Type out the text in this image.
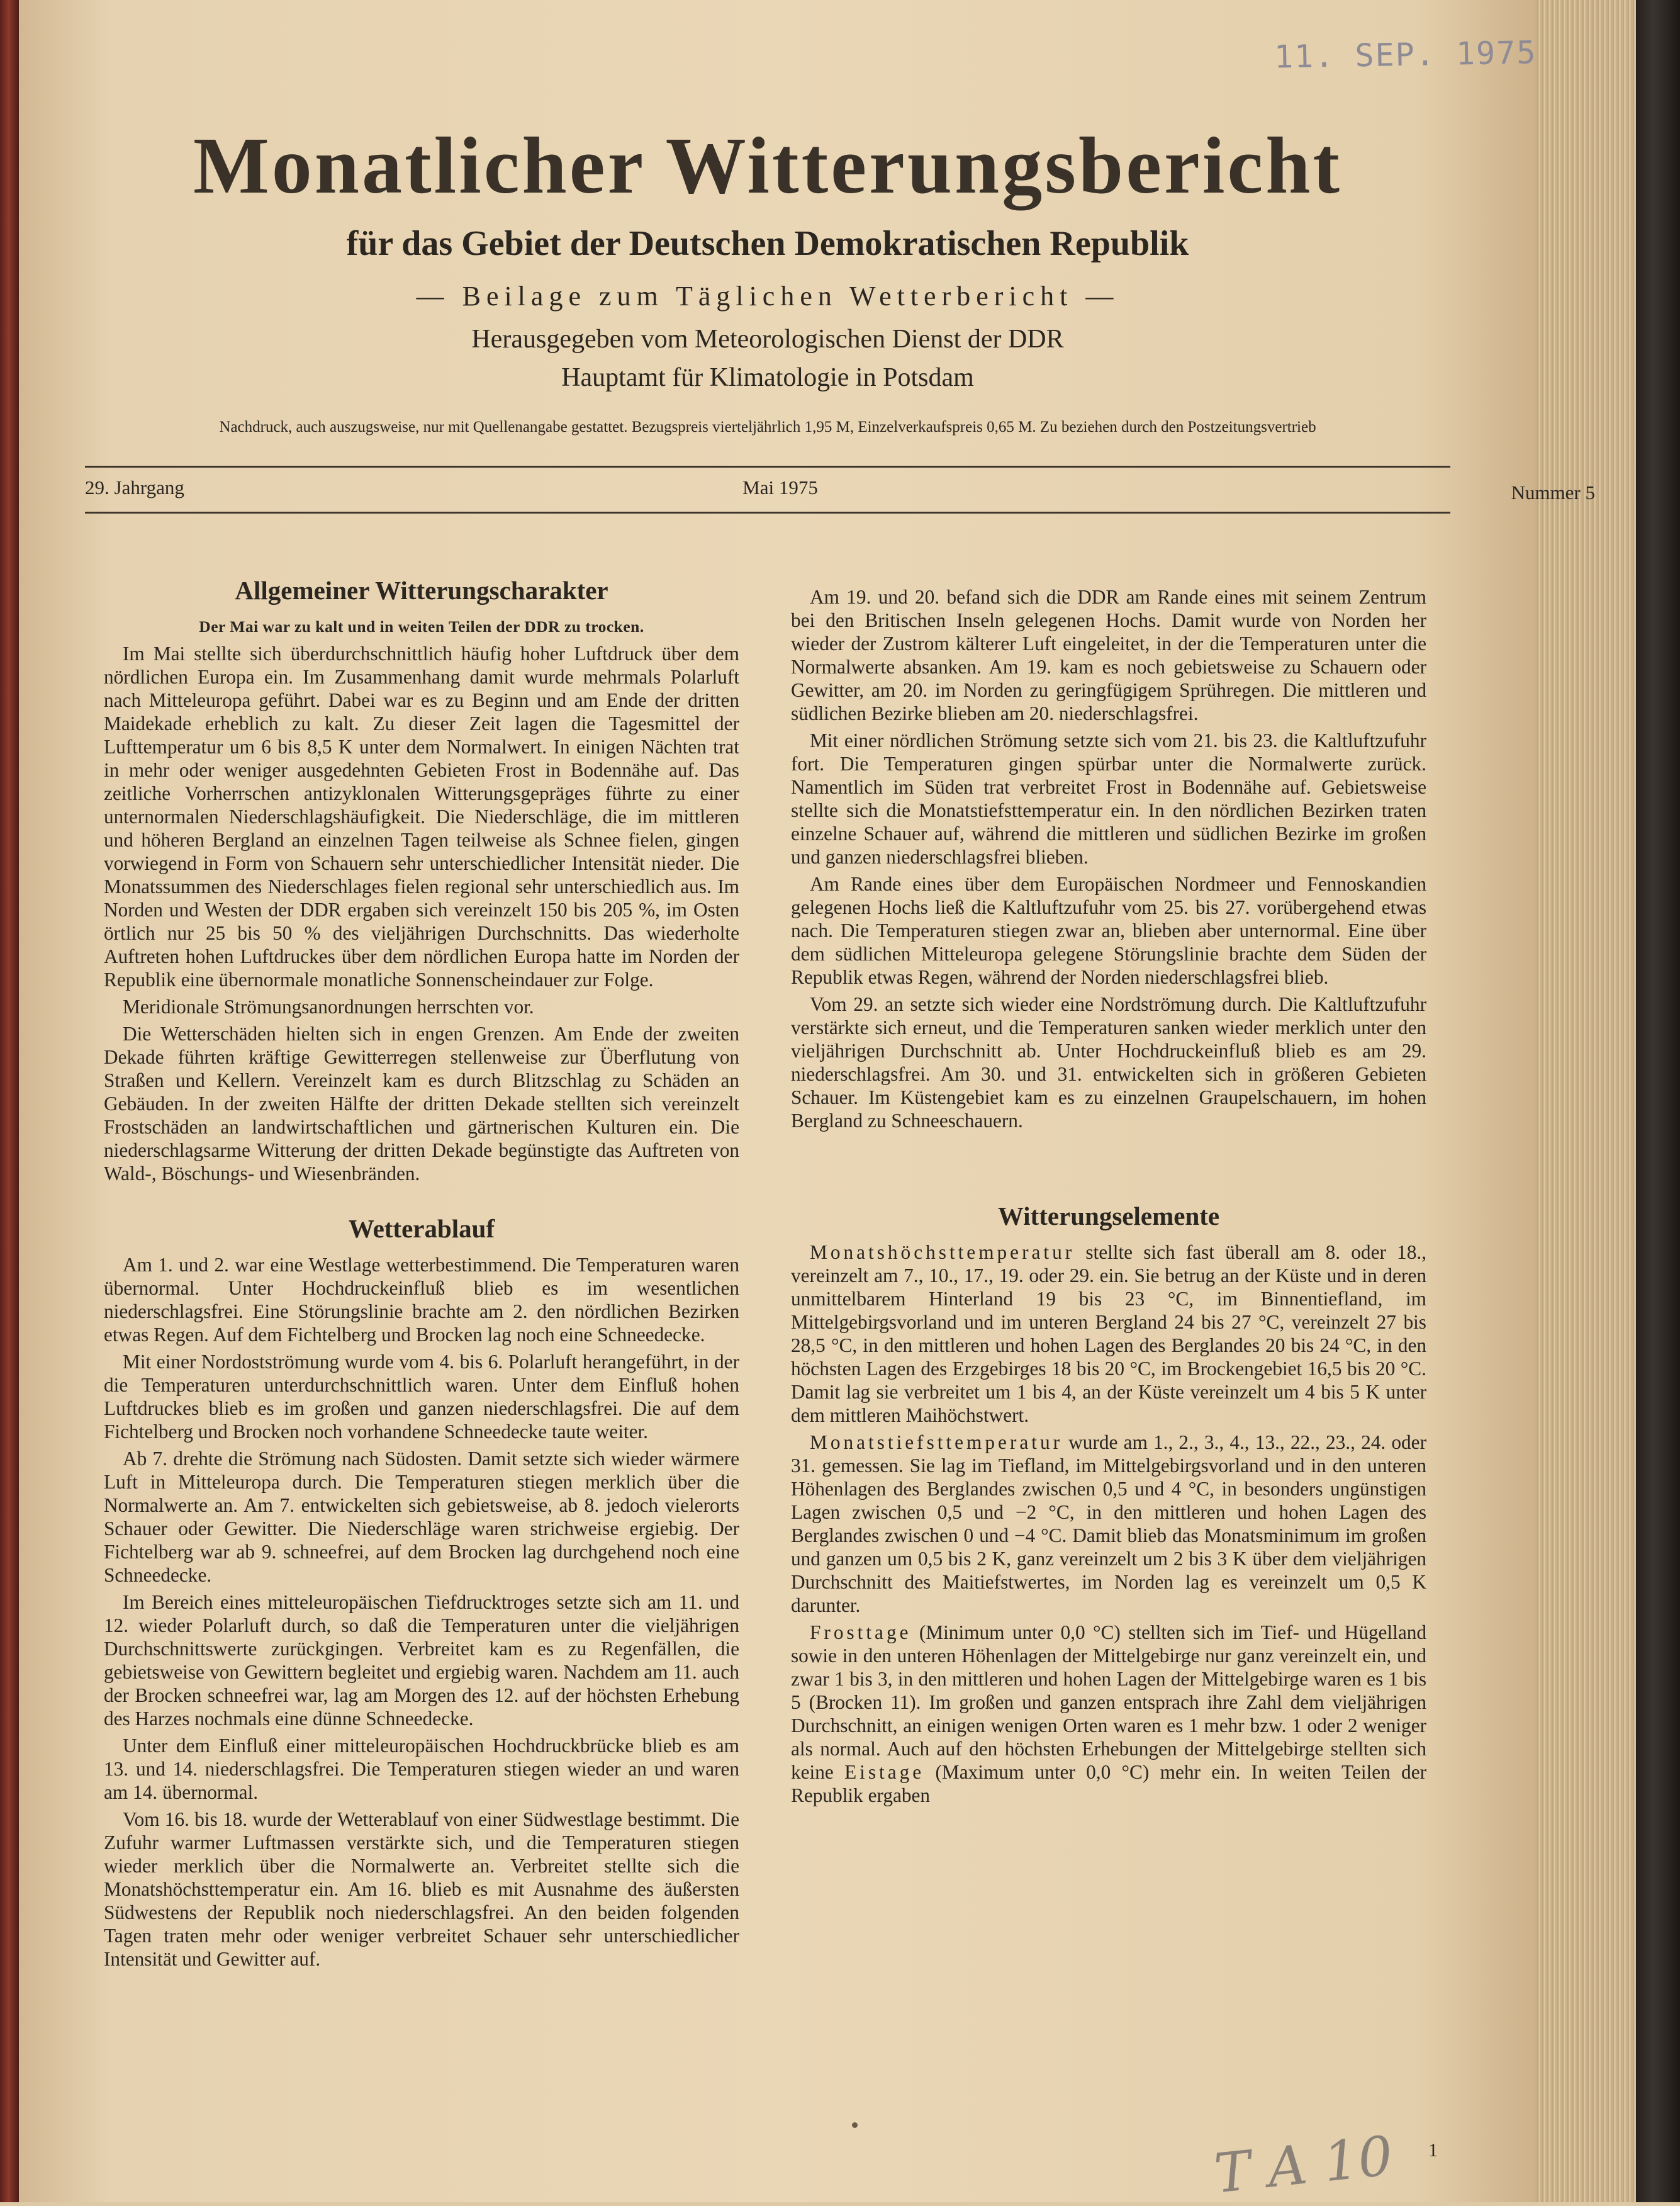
11. SEP. 1975
Monatlicher Witterungsbericht
für das Gebiet der Deutschen Demokratischen Republik
— Beilage zum Täglichen Wetterbericht —
Herausgegeben vom Meteorologischen Dienst der DDR
Hauptamt für Klimatologie in Potsdam
Nachdruck, auch auszugsweise, nur mit Quellenangabe gestattet. Bezugspreis vierteljährlich 1,95 M, Einzelverkaufspreis 0,65 M. Zu beziehen durch den Postzeitungsvertrieb
29. Jahrgang	Mai 1975	Nummer 5
Allgemeiner Witterungscharakter
Der Mai war zu kalt und in weiten Teilen der DDR zu trocken.

Im Mai stellte sich überdurchschnittlich häufig hoher Luftdruck über dem nördlichen Europa ein. Im Zusammenhang damit wurde mehrmals Polarluft nach Mitteleuropa geführt. Dabei war es zu Beginn und am Ende der dritten Maidekade erheblich zu kalt. Zu dieser Zeit lagen die Tagesmittel der Lufttemperatur um 6 bis 8,5 K unter dem Normalwert. In einigen Nächten trat in mehr oder weniger ausgedehnten Gebieten Frost in Bodennähe auf. Das zeitliche Vorherrschen antizyklonalen Witterungsgepräges führte zu einer unternormalen Niederschlagshäufigkeit. Die Niederschläge, die im mittleren und höheren Bergland an einzelnen Tagen teilweise als Schnee fielen, gingen vorwiegend in Form von Schauern sehr unterschiedlicher Intensität nieder. Die Monatssummen des Niederschlages fielen regional sehr unterschiedlich aus. Im Norden und Westen der DDR ergaben sich vereinzelt 150 bis 205 %, im Osten örtlich nur 25 bis 50 % des vieljährigen Durchschnitts. Das wiederholte Auftreten hohen Luftdruckes über dem nördlichen Europa hatte im Norden der Republik eine übernormale monatliche Sonnenscheindauer zur Folge.

Meridionale Strömungsanordnungen herrschten vor.

Die Wetterschäden hielten sich in engen Grenzen. Am Ende der zweiten Dekade führten kräftige Gewitterregen stellenweise zur Überflutung von Straßen und Kellern. Vereinzelt kam es durch Blitzschlag zu Schäden an Gebäuden. In der zweiten Hälfte der dritten Dekade stellten sich vereinzelt Frostschäden an landwirtschaftlichen und gärtnerischen Kulturen ein. Die niederschlagsarme Witterung der dritten Dekade begünstigte das Auftreten von Wald-, Böschungs- und Wiesenbränden.

Wetterablauf

Am 1. und 2. war eine Westlage wetterbestimmend. Die Temperaturen waren übernormal. Unter Hochdruckeinfluß blieb es im wesentlichen niederschlagsfrei. Eine Störungslinie brachte am 2. den nördlichen Bezirken etwas Regen. Auf dem Fichtelberg und Brocken lag noch eine Schneedecke.

Mit einer Nordostströmung wurde vom 4. bis 6. Polarluft herangeführt, in der die Temperaturen unterdurchschnittlich waren. Unter dem Einfluß hohen Luftdruckes blieb es im großen und ganzen niederschlagsfrei. Die auf dem Fichtelberg und Brocken noch vorhandene Schneedecke taute weiter.

Ab 7. drehte die Strömung nach Südosten. Damit setzte sich wieder wärmere Luft in Mitteleuropa durch. Die Temperaturen stiegen merklich über die Normalwerte an. Am 7. entwickelten sich gebietsweise, ab 8. jedoch vielerorts Schauer oder Gewitter. Die Niederschläge waren strichweise ergiebig. Der Fichtelberg war ab 9. schneefrei, auf dem Brocken lag durchgehend noch eine Schneedecke.

Im Bereich eines mitteleuropäischen Tiefdrucktroges setzte sich am 11. und 12. wieder Polarluft durch, so daß die Temperaturen unter die vieljährigen Durchschnittswerte zurückgingen. Verbreitet kam es zu Regenfällen, die gebietsweise von Gewittern begleitet und ergiebig waren. Nachdem am 11. auch der Brocken schneefrei war, lag am Morgen des 12. auf der höchsten Erhebung des Harzes nochmals eine dünne Schneedecke.

Unter dem Einfluß einer mitteleuropäischen Hochdruckbrücke blieb es am 13. und 14. niederschlagsfrei. Die Temperaturen stiegen wieder an und waren am 14. übernormal.

Vom 16. bis 18. wurde der Wetterablauf von einer Südwestlage bestimmt. Die Zufuhr warmer Luftmassen verstärkte sich, und die Temperaturen stiegen wieder merklich über die Normalwerte an. Verbreitet stellte sich die Monatshöchsttemperatur ein. Am 16. blieb es mit Ausnahme des äußersten Südwestens der Republik noch niederschlagsfrei. An den beiden folgenden Tagen traten mehr oder weniger verbreitet Schauer sehr unterschiedlicher Intensität und Gewitter auf.

Am 19. und 20. befand sich die DDR am Rande eines mit seinem Zentrum bei den Britischen Inseln gelegenen Hochs. Damit wurde von Norden her wieder der Zustrom kälterer Luft eingeleitet, in der die Temperaturen unter die Normalwerte absanken. Am 19. kam es noch gebietsweise zu Schauern oder Gewitter, am 20. im Norden zu geringfügigem Sprühregen. Die mittleren und südlichen Bezirke blieben am 20. niederschlagsfrei.

Mit einer nördlichen Strömung setzte sich vom 21. bis 23. die Kaltluftzufuhr fort. Die Temperaturen gingen spürbar unter die Normalwerte zurück. Namentlich im Süden trat verbreitet Frost in Bodennähe auf. Gebietsweise stellte sich die Monatstiefsttemperatur ein. In den nördlichen Bezirken traten einzelne Schauer auf, während die mittleren und südlichen Bezirke im großen und ganzen niederschlagsfrei blieben.

Am Rande eines über dem Europäischen Nordmeer und Fennoskandien gelegenen Hochs ließ die Kaltluftzufuhr vom 25. bis 27. vorübergehend etwas nach. Die Temperaturen stiegen zwar an, blieben aber unternormal. Eine über dem südlichen Mitteleuropa gelegene Störungslinie brachte dem Süden der Republik etwas Regen, während der Norden niederschlagsfrei blieb.

Vom 29. an setzte sich wieder eine Nordströmung durch. Die Kaltluftzufuhr verstärkte sich erneut, und die Temperaturen sanken wieder merklich unter den vieljährigen Durchschnitt ab. Unter Hochdruckeinfluß blieb es am 29. niederschlagsfrei. Am 30. und 31. entwickelten sich in größeren Gebieten Schauer. Im Küstengebiet kam es zu einzelnen Graupelschauern, im hohen Bergland zu Schneeschauern.

Witterungselemente

Monatshöchsttemperatur stellte sich fast überall am 8. oder 18., vereinzelt am 7., 10., 17., 19. oder 29. ein. Sie betrug an der Küste und in deren unmittelbarem Hinterland 19 bis 23 °C, im Binnentiefland, im Mittelgebirgsvorland und im unteren Bergland 24 bis 27 °C, vereinzelt 27 bis 28,5 °C, in den mittleren und hohen Lagen des Berglandes 20 bis 24 °C, in den höchsten Lagen des Erzgebirges 18 bis 20 °C, im Brockengebiet 16,5 bis 20 °C. Damit lag sie verbreitet um 1 bis 4, an der Küste vereinzelt um 4 bis 5 K unter dem mittleren Maihöchstwert.

Monatstiefsttemperatur wurde am 1., 2., 3., 4., 13., 22., 23., 24. oder 31. gemessen. Sie lag im Tiefland, im Mittelgebirgsvorland und in den unteren Höhenlagen des Berglandes zwischen 0,5 und 4 °C, in besonders ungünstigen Lagen zwischen 0,5 und −2 °C, in den mittleren und hohen Lagen des Berglandes zwischen 0 und −4 °C. Damit blieb das Monatsminimum im großen und ganzen um 0,5 bis 2 K, ganz vereinzelt um 2 bis 3 K über dem vieljährigen Durchschnitt des Maitiefstwertes, im Norden lag es vereinzelt um 0,5 K darunter.

Frosttage (Minimum unter 0,0 °C) stellten sich im Tief- und Hügelland sowie in den unteren Höhenlagen der Mittelgebirge nur ganz vereinzelt ein, und zwar 1 bis 3, in den mittleren und hohen Lagen der Mittelgebirge waren es 1 bis 5 (Brocken 11). Im großen und ganzen entsprach ihre Zahl dem vieljährigen Durchschnitt, an einigen wenigen Orten waren es 1 mehr bzw. 1 oder 2 weniger als normal. Auch auf den höchsten Erhebungen der Mittelgebirge stellten sich keine Eistage (Maximum unter 0,0 °C) mehr ein. In weiten Teilen der Republik ergaben

T A 10 1
